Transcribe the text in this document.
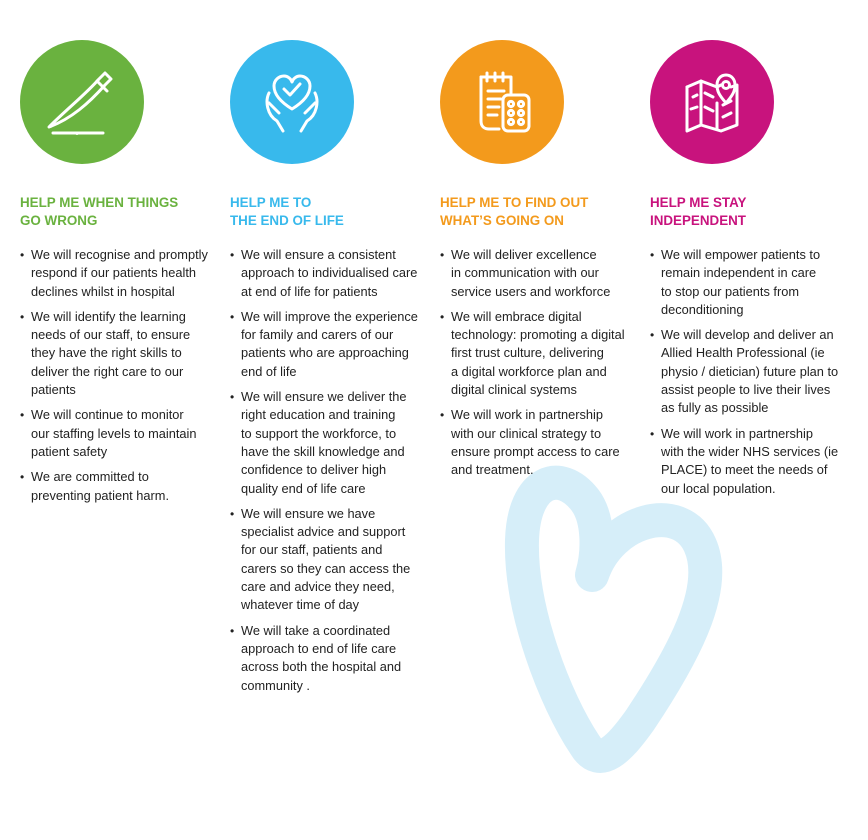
HELP ME WHEN THINGS
GO WRONG
• We will recognise and promptly
respond if our patients health
declines whilst in hospital
• We will identify the learning
needs of our staff, to ensure
they have the right skills to
deliver the right care to our
patients
• We will continue to monitor
our staffing levels to maintain
patient safety
• We are committed to
preventing patient harm.
HELP ME TO
THE END OF LIFE
• We will ensure a consistent
approach to individualised care
at end of life for patients
• We will improve the experience
for family and carers of our
patients who are approaching
end of life
• We will ensure we deliver the
right education and training
to support the workforce, to
have the skill knowledge and
confidence to deliver high
quality end of life care
• We will ensure we have
specialist advice and support
for our staff, patients and
carers so they can access the
care and advice they need,
whatever time of day
• We will take a coordinated
approach to end of life care
across both the hospital and
community .
HELP ME TO FIND OUT
WHAT’S GOING ON
• We will deliver excellence
in communication with our
service users and workforce
• We will embrace digital
technology: promoting a digital
first trust culture, delivering
a digital workforce plan and
digital clinical systems
• We will work in partnership
with our clinical strategy to
ensure prompt access to care
and treatment.
HELP ME STAY
INDEPENDENT
• We will empower patients to
remain independent in care
to stop our patients from
deconditioning
• We will develop and deliver an
Allied Health Professional (ie
physio / dietician) future plan to
assist people to live their lives
as fully as possible
• We will work in partnership
with the wider NHS services (ie
PLACE) to meet the needs of
our local population.
